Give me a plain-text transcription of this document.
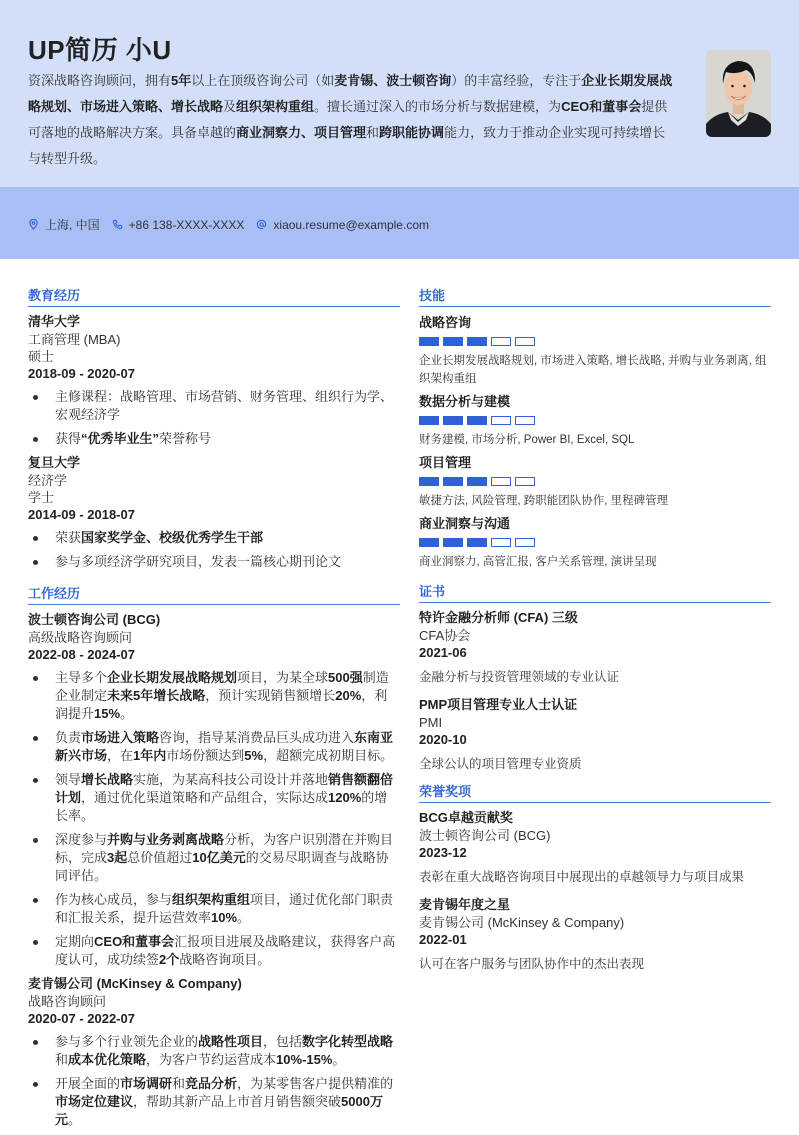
UP简历 小U
资深战略咨询顾问，拥有5年以上在顶级咨询公司（如麦肯锡、波士顿咨询）的丰富经验，专注于企业长期发展战略规划、市场进入策略、增长战略及组织架构重组。擅长通过深入的市场分析与数据建模，为CEO和董事会提供可落地的战略解决方案。具备卓越的商业洞察力、项目管理和跨职能协调能力，致力于推动企业实现可持续增长与转型升级。
上海, 中国 +86 138-XXXX-XXXX xiaou.resume@example.com
教育经历
清华大学
工商管理 (MBA)
硕士
2018-09 - 2020-07
主修课程：战略管理、市场营销、财务管理、组织行为学、宏观经济学
获得“优秀毕业生”荣誉称号
复旦大学
经济学
学士
2014-09 - 2018-07
荣获国家奖学金、校级优秀学生干部
参与多项经济学研究项目，发表一篇核心期刊论文
工作经历
波士顿咨询公司 (BCG)
高级战略咨询顾问
2022-08 - 2024-07
主导多个企业长期发展战略规划项目，为某全球500强制造企业制定未来5年增长战略，预计实现销售额增长20%，利润提升15%。
负责市场进入策略咨询，指导某消费品巨头成功进入东南亚新兴市场，在1年内市场份额达到5%，超额完成初期目标。
领导增长战略实施，为某高科技公司设计并落地销售额翻倍计划，通过优化渠道策略和产品组合，实际达成120%的增长率。
深度参与并购与业务剥离战略分析，为客户识别潜在并购目标，完成3起总价值超过10亿美元的交易尽职调查与战略协同评估。
作为核心成员，参与组织架构重组项目，通过优化部门职责和汇报关系，提升运营效率10%。
定期向CEO和董事会汇报项目进展及战略建议，获得客户高度认可，成功续签2个战略咨询项目。
麦肯锡公司 (McKinsey & Company)
战略咨询顾问
2020-07 - 2022-07
参与多个行业领先企业的战略性项目，包括数字化转型战略和成本优化策略，为客户节约运营成本10%-15%。
开展全面的市场调研和竞品分析，为某零售客户提供精准的市场定位建议，帮助其新产品上市首月销售额突破5000万元。
技能
战略咨询
企业长期发展战略规划, 市场进入策略, 增长战略, 并购与业务剥离, 组织架构重组
数据分析与建模
财务建模, 市场分析, Power BI, Excel, SQL
项目管理
敏捷方法, 风险管理, 跨职能团队协作, 里程碑管理
商业洞察与沟通
商业洞察力, 高管汇报, 客户关系管理, 演讲呈现
证书
特许金融分析师 (CFA) 三级
CFA协会
2021-06
金融分析与投资管理领域的专业认证
PMP项目管理专业人士认证
PMI
2020-10
全球公认的项目管理专业资质
荣誉奖项
BCG卓越贡献奖
波士顿咨询公司 (BCG)
2023-12
表彰在重大战略咨询项目中展现出的卓越领导力与项目成果
麦肯锡年度之星
麦肯锡公司 (McKinsey & Company)
2022-01
认可在客户服务与团队协作中的杰出表现
